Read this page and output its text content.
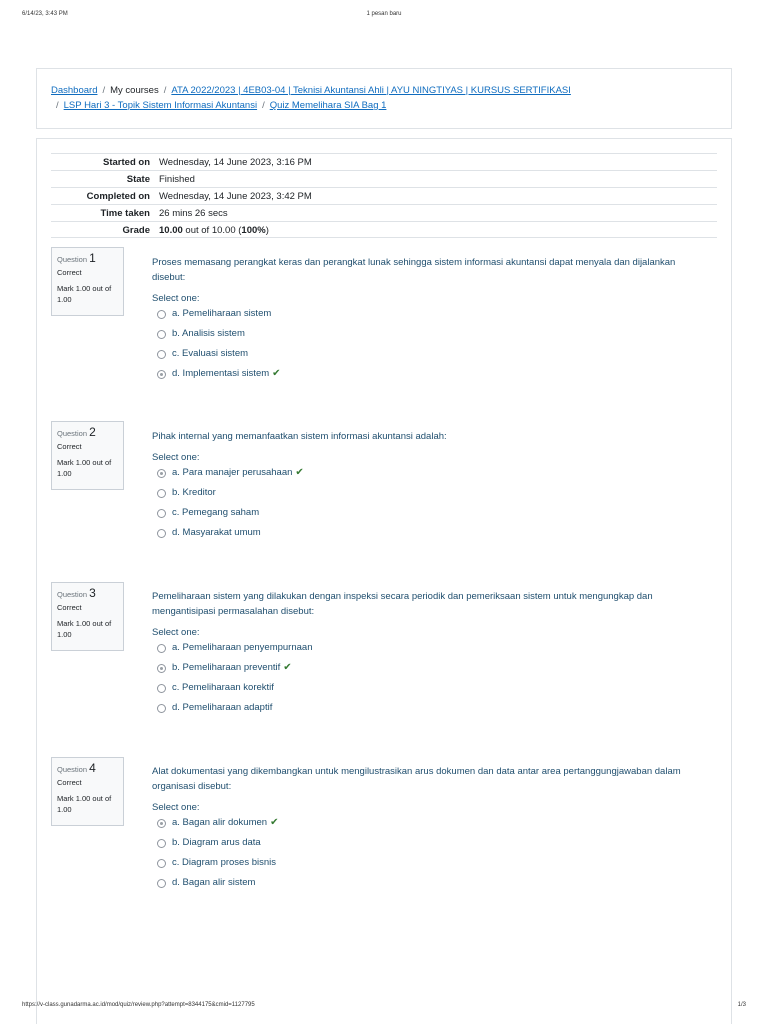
6/14/23, 3:43 PM	1 pesan baru
Dashboard / My courses / ATA 2022/2023 | 4EB03-04 | Teknisi Akuntansi Ahli | AYU NINGTIYAS | KURSUS SERTIFIKASI
/ LSP Hari 3 - Topik Sistem Informasi Akuntansi / Quiz Memelihara SIA Bag 1
Started on Wednesday, 14 June 2023, 3:16 PM
State Finished
Completed on Wednesday, 14 June 2023, 3:42 PM
Time taken 26 mins 26 secs
Grade 10.00 out of 10.00 (100%)
Question 1
Correct
Mark 1.00 out of 1.00
Proses memasang perangkat keras dan perangkat lunak sehingga sistem informasi akuntansi dapat menyala dan dijalankan disebut:
Select one:
a. Pemeliharaan sistem
b. Analisis sistem
c. Evaluasi sistem
d. Implementasi sistem ✔
Question 2
Correct
Mark 1.00 out of 1.00
Pihak internal yang memanfaatkan sistem informasi akuntansi adalah:
Select one:
a. Para manajer perusahaan ✔
b. Kreditor
c. Pemegang saham
d. Masyarakat umum
Question 3
Correct
Mark 1.00 out of 1.00
Pemeliharaan sistem yang dilakukan dengan inspeksi secara periodik dan pemeriksaan sistem untuk mengungkap dan mengantisipasi permasalahan disebut:
Select one:
a. Pemeliharaan penyempurnaan
b. Pemeliharaan preventif ✔
c. Pemeliharaan korektif
d. Pemeliharaan adaptif
Question 4
Correct
Mark 1.00 out of 1.00
Alat dokumentasi yang dikembangkan untuk mengilustrasikan arus dokumen dan data antar area pertanggungjawaban dalam organisasi disebut:
Select one:
a. Bagan alir dokumen ✔
b. Diagram arus data
c. Diagram proses bisnis
d. Bagan alir sistem
https://v-class.gunadarma.ac.id/mod/quiz/review.php?attempt=8344175&cmid=1127795	1/3
